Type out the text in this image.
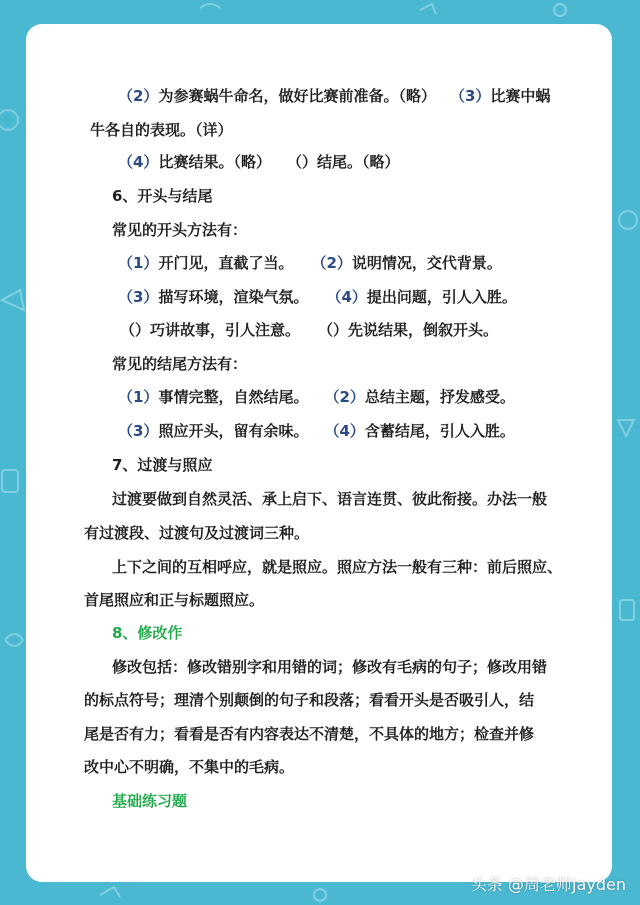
（2）为参赛蜗牛命名，做好比赛前准备。（略） （3）比赛中蜗

牛各自的表现。（详）

（4）比赛结果。（略） （）结尾。（略）

6、开头与结尾

常见的开头方法有：

（1）开门见，直截了当。 （2）说明情况，交代背景。

（3）描写环境，渲染气氛。 （4）提出问题，引人入胜。

（）巧讲故事，引人注意。 （）先说结果，倒叙开头。

常见的结尾方法有：

（1）事情完整，自然结尾。 （2）总结主题，抒发感受。

（3）照应开头，留有余味。 （4）含蓄结尾，引人入胜。

7、过渡与照应

过渡要做到自然灵活、承上启下、语言连贯、彼此衔接。办法一般

有过渡段、过渡句及过渡词三种。

上下之间的互相呼应，就是照应。照应方法一般有三种：前后照应、

首尾照应和正与标题照应。

8、修改作

修改包括：修改错别字和用错的词；修改有毛病的句子；修改用错

的标点符号；理清个别颠倒的句子和段落；看看开头是否吸引人，结

尾是否有力；看看是否有内容表达不清楚，不具体的地方；检查并修

改中心不明确，不集中的毛病。

基础练习题

头条 @周老师Jayden
